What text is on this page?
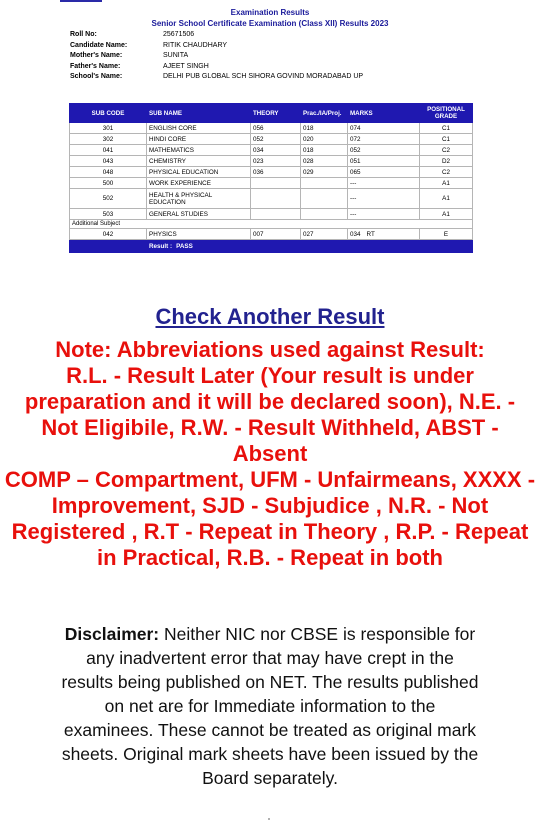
Examination Results
Senior School Certificate Examination (Class XII) Results 2023
Roll No:	25671506
Candidate Name:	RITIK CHAUDHARY
Mother's Name:	SUNITA
Father's Name:	AJEET SINGH
School's Name:	DELHI PUB GLOBAL SCH SIHORA GOVIND MORADABAD UP
SUB CODE	SUB NAME	THEORY	Prac./IA/Proj.	MARKS	POSITIONAL
GRADE

301	ENGLISH CORE	056	018	074	C1
302	HINDI CORE	052	020	072	C1
041	MATHEMATICS	034	018	052	C2
043	CHEMISTRY	023	028	051	D2
048	PHYSICAL EDUCATION	036	029	065	C2
500	WORK EXPERIENCE			---	A1
502	HEALTH & PHYSICAL EDUCATION			---	A1
503	GENERAL STUDIES			---	A1
Additional Subject					
042	PHYSICS	007	027	034 RT	E
	Result : PASS				
Check Another Result
Note: Abbreviations used against Result:
R.L. - Result Later (Your result is under preparation and it will be declared soon), N.E. - Not Eligibile, R.W. - Result Withheld, ABST - Absent
COMP – Compartment, UFM - Unfairmeans, XXXX - Improvement, SJD - Subjudice , N.R. - Not Registered , R.T - Repeat in Theory , R.P. - Repeat in Practical, R.B. - Repeat in both
Disclaimer: Neither NIC nor CBSE is responsible for any inadvertent error that may have crept in the results being published on NET. The results published on net are for Immediate information to the examinees. These cannot be treated as original mark sheets. Original mark sheets have been issued by the Board separately.
